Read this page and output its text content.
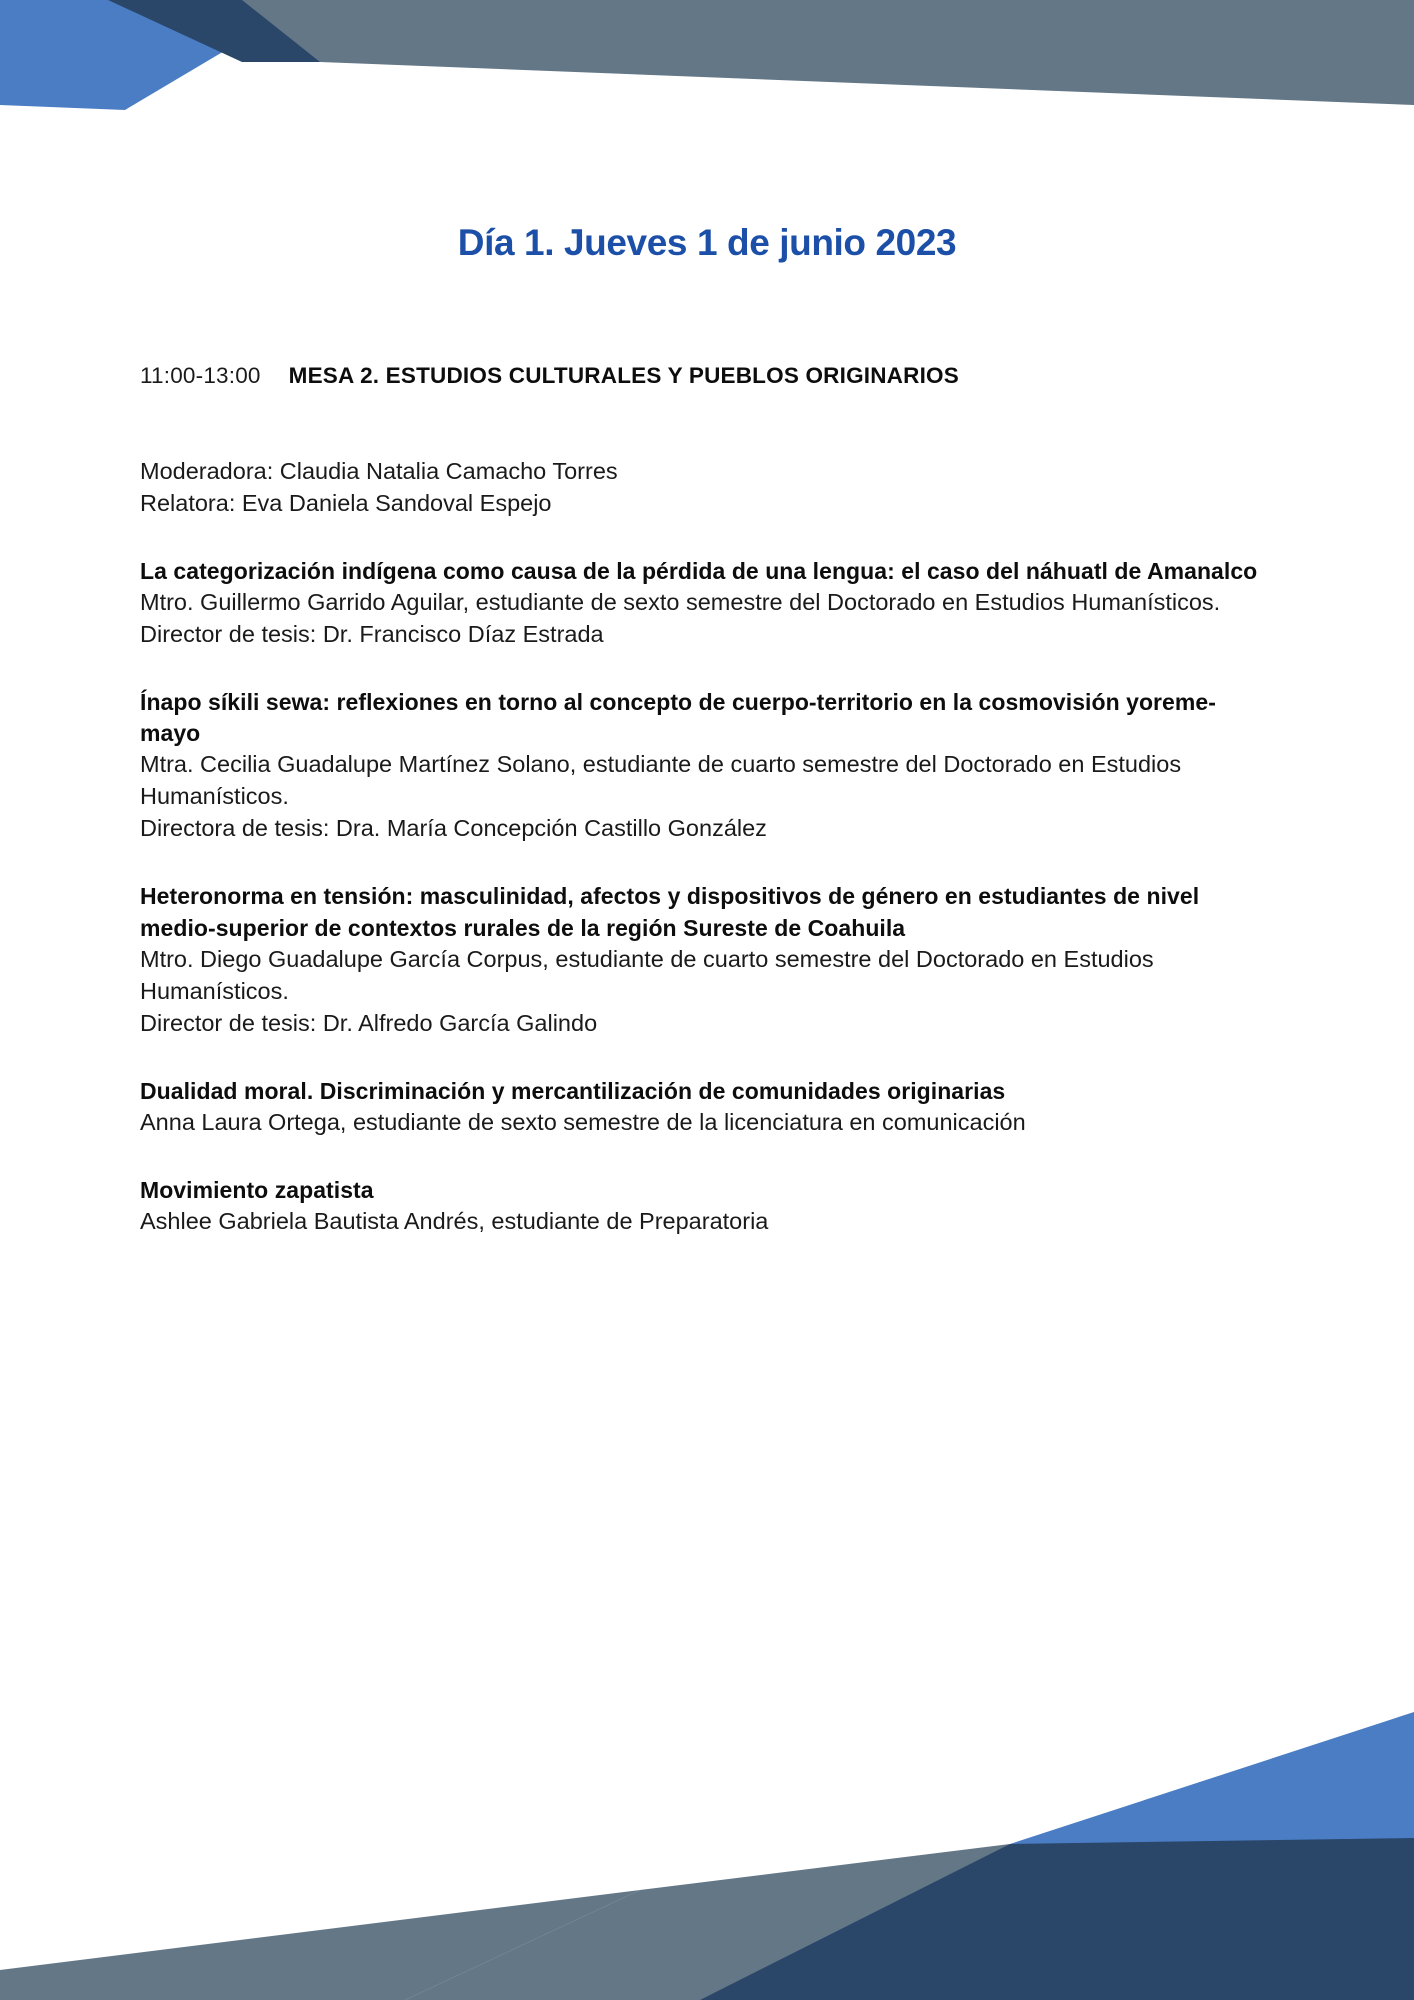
Día 1. Jueves 1 de junio 2023
11:00-13:00 MESA 2. ESTUDIOS CULTURALES Y PUEBLOS ORIGINARIOS
Moderadora: Claudia Natalia Camacho Torres
Relatora: Eva Daniela Sandoval Espejo

La categorización indígena como causa de la pérdida de una lengua: el caso del náhuatl de Amanalco

Mtro. Guillermo Garrido Aguilar, estudiante de sexto semestre del Doctorado en Estudios Humanísticos.
Director de tesis: Dr. Francisco Díaz Estrada

Ínapo síkili sewa: reflexiones en torno al concepto de cuerpo-territorio en la cosmovisión yoreme-mayo

Mtra. Cecilia Guadalupe Martínez Solano, estudiante de cuarto semestre del Doctorado en Estudios Humanísticos.
Directora de tesis: Dra. María Concepción Castillo González

Heteronorma en tensión: masculinidad, afectos y dispositivos de género en estudiantes de nivel medio-superior de contextos rurales de la región Sureste de Coahuila

Mtro. Diego Guadalupe García Corpus, estudiante de cuarto semestre del Doctorado en Estudios Humanísticos.
Director de tesis: Dr. Alfredo García Galindo

Dualidad moral. Discriminación y mercantilización de comunidades originarias

Anna Laura Ortega, estudiante de sexto semestre de la licenciatura en comunicación

Movimiento zapatista

Ashlee Gabriela Bautista Andrés, estudiante de Preparatoria
